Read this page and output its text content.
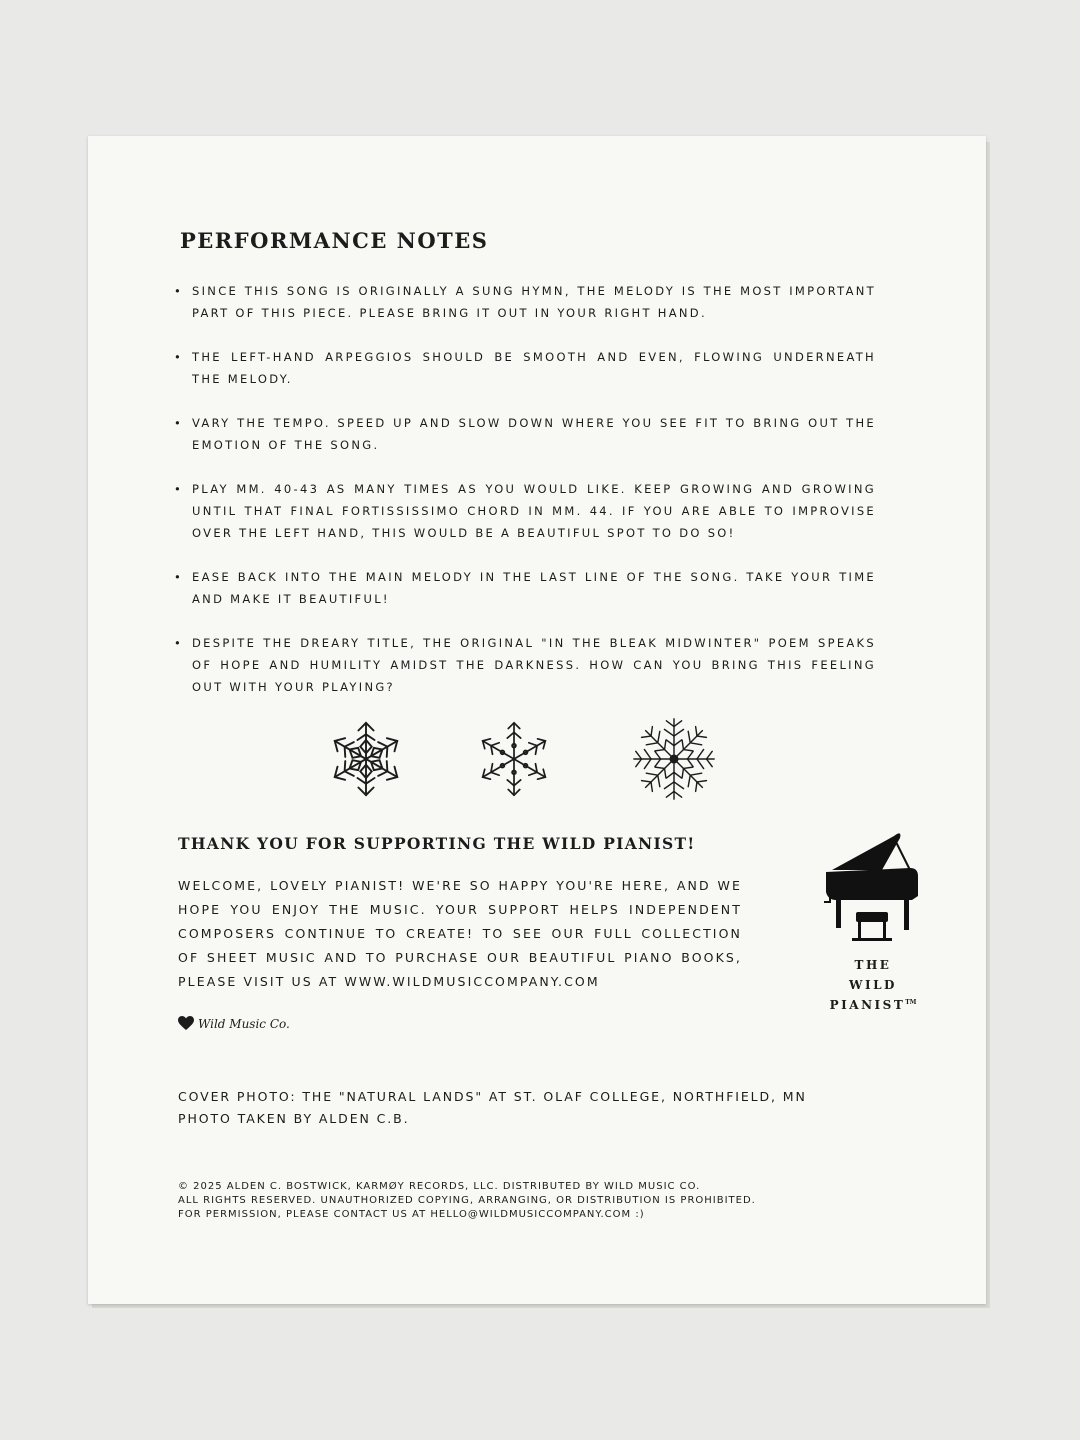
PERFORMANCE NOTES
• SINCE THIS SONG IS ORIGINALLY A SUNG HYMN, THE MELODY IS THE MOST IMPORTANT PART OF THIS PIECE. PLEASE BRING IT OUT IN YOUR RIGHT HAND.
• THE LEFT-HAND ARPEGGIOS SHOULD BE SMOOTH AND EVEN, FLOWING UNDERNEATH THE MELODY.
• VARY THE TEMPO. SPEED UP AND SLOW DOWN WHERE YOU SEE FIT TO BRING OUT THE EMOTION OF THE SONG.
• PLAY MM. 40-43 AS MANY TIMES AS YOU WOULD LIKE. KEEP GROWING AND GROWING UNTIL THAT FINAL FORTISSISSIMO CHORD IN MM. 44. IF YOU ARE ABLE TO IMPROVISE OVER THE LEFT HAND, THIS WOULD BE A BEAUTIFUL SPOT TO DO SO!
• EASE BACK INTO THE MAIN MELODY IN THE LAST LINE OF THE SONG. TAKE YOUR TIME AND MAKE IT BEAUTIFUL!
• DESPITE THE DREARY TITLE, THE ORIGINAL "IN THE BLEAK MIDWINTER" POEM SPEAKS OF HOPE AND HUMILITY AMIDST THE DARKNESS. HOW CAN YOU BRING THIS FEELING OUT WITH YOUR PLAYING?
THANK YOU FOR SUPPORTING THE WILD PIANIST!

WELCOME, LOVELY PIANIST! WE'RE SO HAPPY YOU'RE HERE, AND WE HOPE YOU ENJOY THE MUSIC. YOUR SUPPORT HELPS INDEPENDENT COMPOSERS CONTINUE TO CREATE! TO SEE OUR FULL COLLECTION OF SHEET MUSIC AND TO PURCHASE OUR BEAUTIFUL PIANO BOOKS, PLEASE VISIT US AT WWW.WILDMUSICCOMPANY.COM

Wild Music Co.
THE
WILD
PIANIST™
COVER PHOTO: THE "NATURAL LANDS" AT ST. OLAF COLLEGE, NORTHFIELD, MN
PHOTO TAKEN BY ALDEN C.B.
© 2025 ALDEN C. BOSTWICK, KARMØY RECORDS, LLC. DISTRIBUTED BY WILD MUSIC CO.
ALL RIGHTS RESERVED. UNAUTHORIZED COPYING, ARRANGING, OR DISTRIBUTION IS PROHIBITED.
FOR PERMISSION, PLEASE CONTACT US AT HELLO@WILDMUSICCOMPANY.COM :)
